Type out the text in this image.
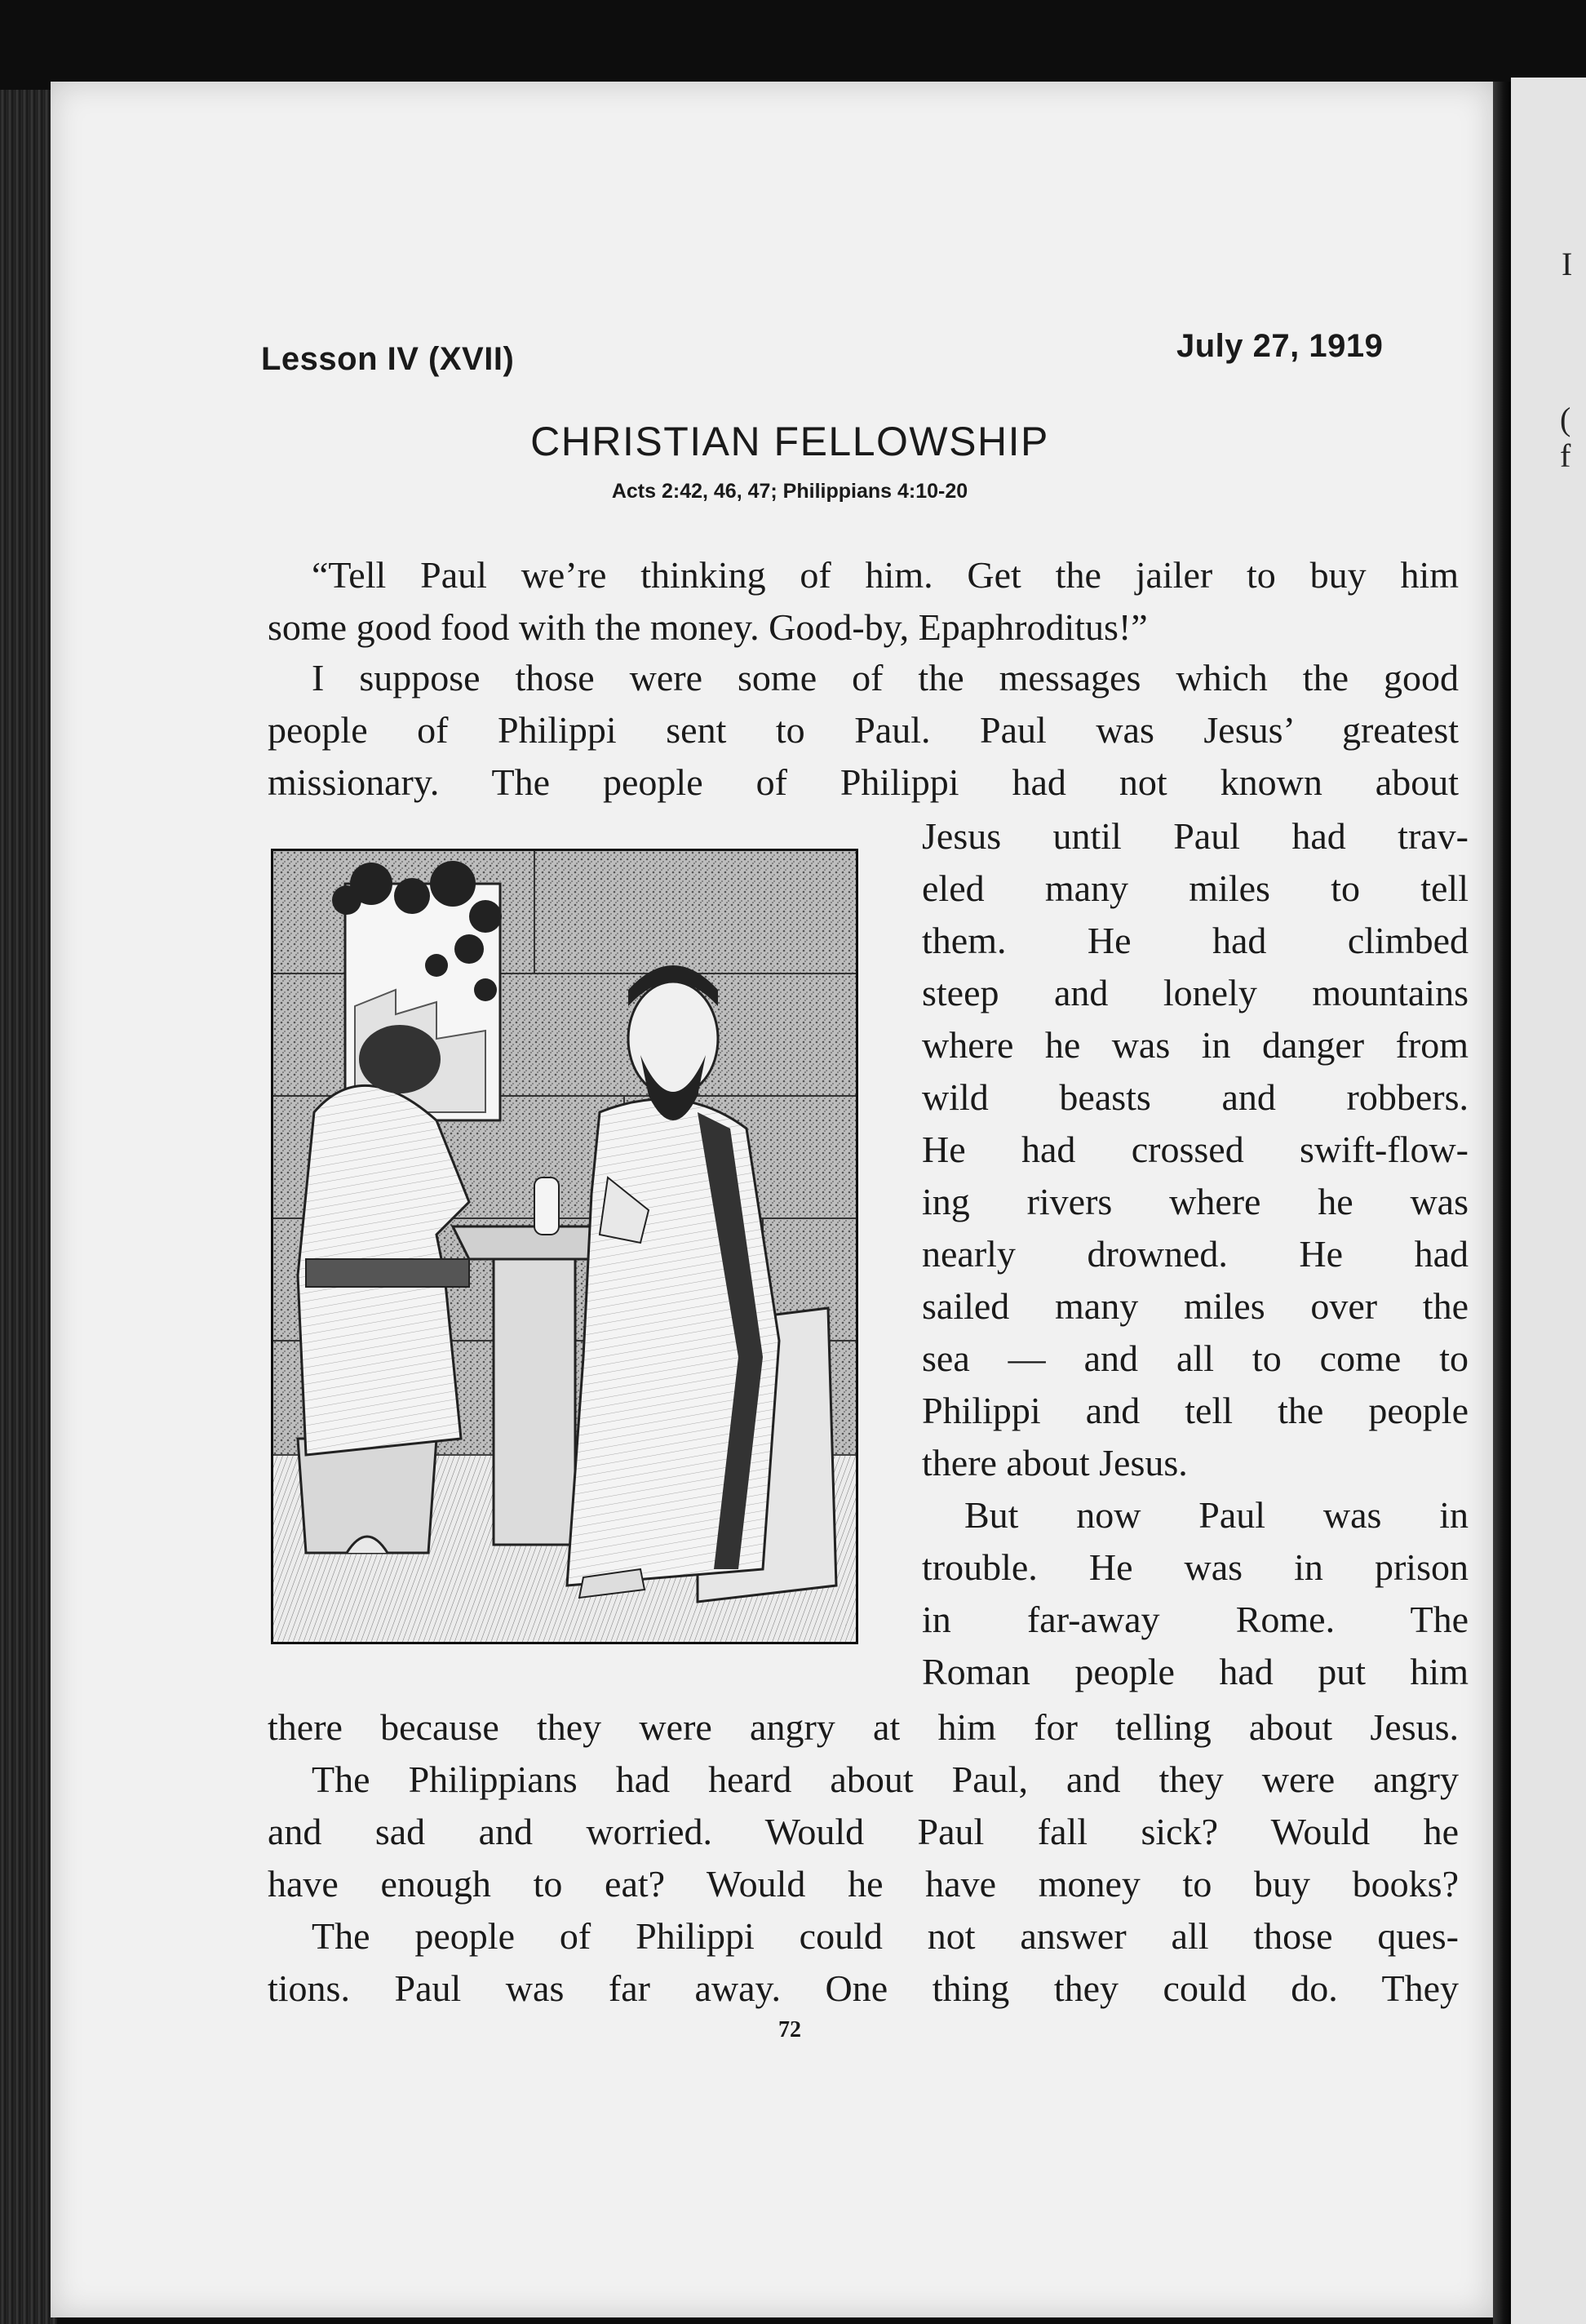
Lesson IV (XVII)	July 27, 1919
CHRISTIAN FELLOWSHIP
Acts 2:42, 46, 47; Philippians 4:10-20
“Tell Paul we’re thinking of him. Get the jailer to buy him
some good food with the money. Good-by, Epaphroditus!”
I suppose those were some of the messages which the good
people of Philippi sent to Paul. Paul was Jesus’ greatest
missionary. The people of Philippi had not known about
Jesus until Paul had trav-
eled many miles to tell
them. He had climbed
steep and lonely mountains
where he was in danger from
wild beasts and robbers.
He had crossed swift-flow-
ing rivers where he was
nearly drowned. He had
sailed many miles over the
sea — and all to come to
Philippi and tell the people
there about Jesus.
But now Paul was in
trouble. He was in prison
in far-away Rome. The
Roman people had put him
there because they were angry at him for telling about Jesus.
The Philippians had heard about Paul, and they were angry
and sad and worried. Would Paul fall sick? Would he
have enough to eat? Would he have money to buy books?
The people of Philippi could not answer all those ques-
tions. Paul was far away. One thing they could do. They
72
I
(
f
